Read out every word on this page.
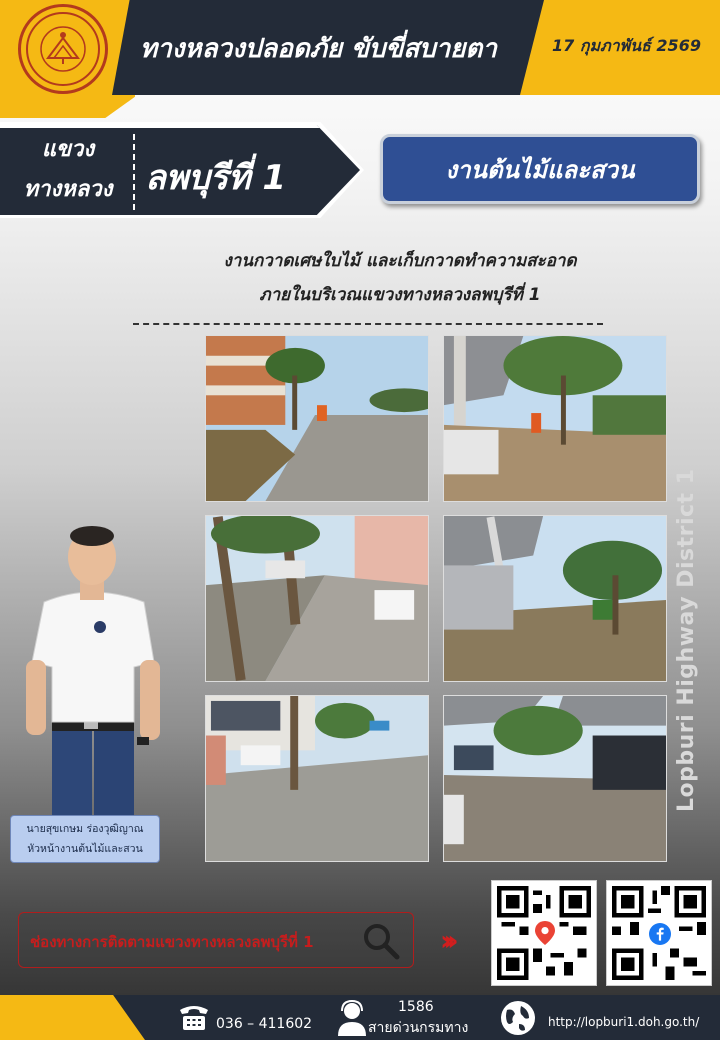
ทางหลวงปลอดภัย ขับขี่สบายตา	17 กุมภาพันธ์ 2569
แขวง
ทางหลวง ลพบุรีที่ 1	งานต้นไม้และสวน
งานกวาดเศษใบไม้ และเก็บกวาดทำความสะอาด
ภายในบริเวณแขวงทางหลวงลพบุรีที่ 1
นายสุขเกษม ร่องวุฒิญาณ
หัวหน้างานต้นไม้และสวน
Lopburi Highway District 1
ช่องทางการติดตามแขวงทางหลวงลพบุรีที่ 1	›››
036 – 411602
1586
สายด่วนกรมทาง	http://lopburi1.doh.go.th/
